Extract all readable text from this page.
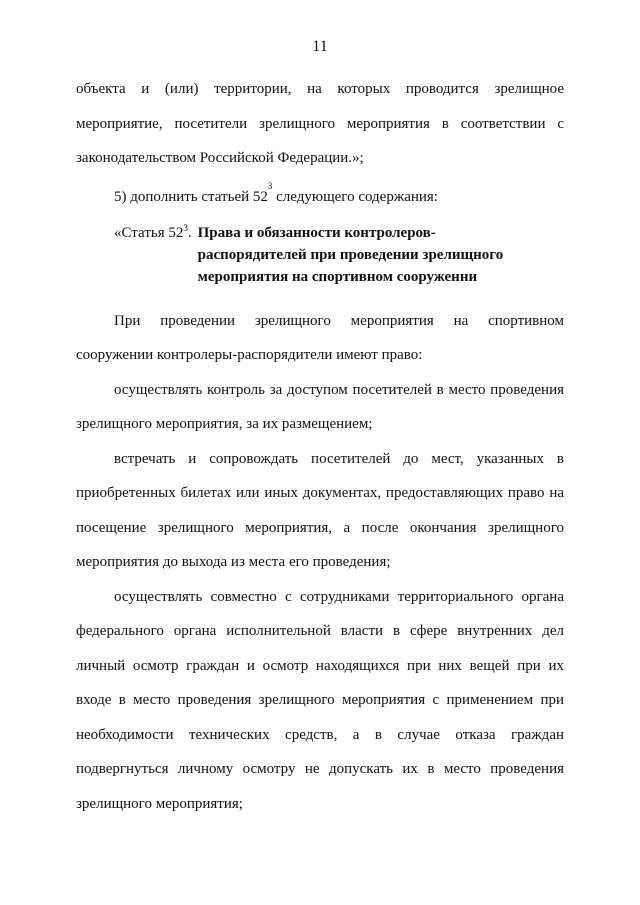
11
объекта и (или) территории, на которых проводится зрелищное
мероприятие, посетители зрелищного мероприятия в соответствии с
законодательством Российской Федерации.»;
5) дополнить статьей $52^3$ следующего содержания:
«Статья $52^3$. Права и обязанности контролеров-распорядителей при проведении зрелищного мероприятия на спортивном сооруженни
При проведении зрелищного мероприятия на спортивном
сооружении контролеры-распорядители имеют право:
осуществлять контроль за доступом посетителей в место проведения
зрелищного мероприятия, за их размещением;
встречать и сопровождать посетителей до мест, указанных в
приобретенных билетах или иных документах, предоставляющих право на
посещение зрелищного мероприятия, а после окончания зрелищного
мероприятия до выхода из места его проведения;
осуществлять совместно с сотрудниками территориального органа
федерального органа исполнительной власти в сфере внутренних дел
личный осмотр граждан и осмотр находящихся при них вещей при их
входе в место проведения зрелищного мероприятия с применением при
необходимости технических средств, а в случае отказа граждан
подвергнуться личному осмотру не допускать их в место проведения
зрелищного мероприятия;
